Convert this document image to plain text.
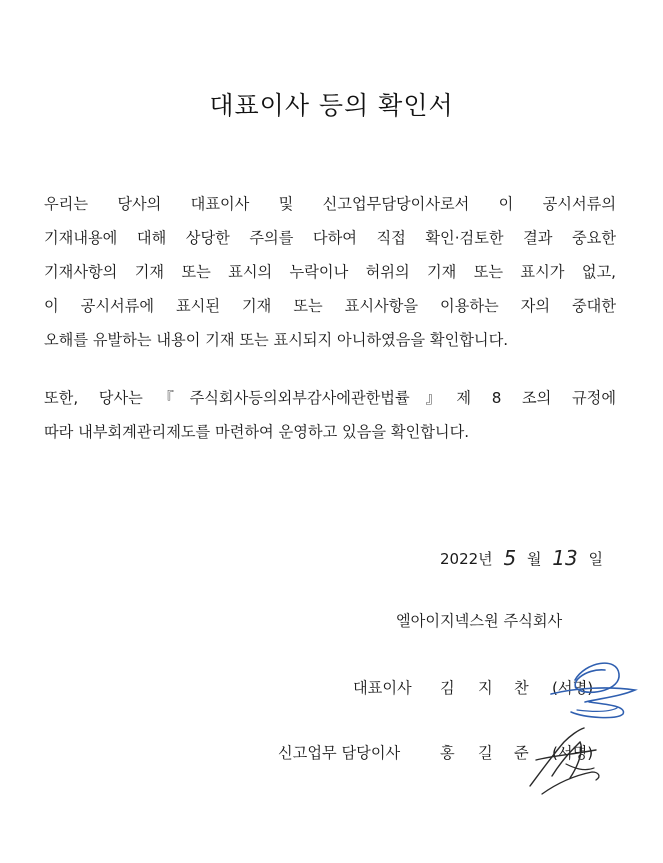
대표이사 등의 확인서
우리는 당사의 대표이사 및 신고업무담당이사로서 이 공시서류의
기재내용에 대해 상당한 주의를 다하여 직접 확인·검토한 결과 중요한
기재사항의 기재 또는 표시의 누락이나 허위의 기재 또는 표시가 없고,
이 공시서류에 표시된 기재 또는 표시사항을 이용하는 자의 중대한
오해를 유발하는 내용이 기재 또는 표시되지 아니하였음을 확인합니다.
또한, 당사는『주식회사등의외부감사에관한법률』제 8 조의 규정에
따라 내부회계관리제도를 마련하여 운영하고 있음을 확인합니다.
2022년 5 월 13 일
엘아이지넥스원 주식회사
대표이사 김 지 찬 (서명)
신고업무 담당이사	홍 길 준 (서명)
